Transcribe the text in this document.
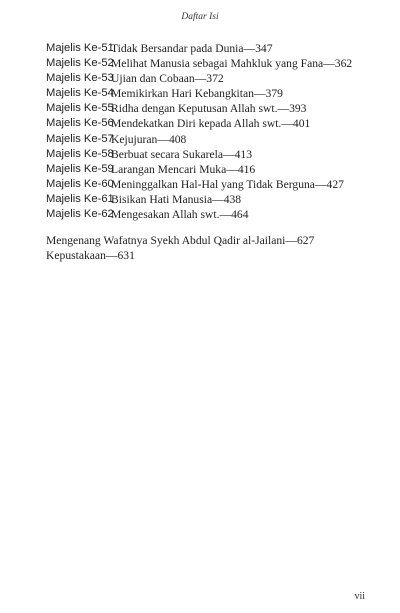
Daftar Isi
Majelis Ke-51
Tidak Bersandar pada Dunia—347
Majelis Ke-52
Melihat Manusia sebagai Mahkluk yang Fana—362
Majelis Ke-53
Ujian dan Cobaan—372
Majelis Ke-54
Memikirkan Hari Kebangkitan—379
Majelis Ke-55
Ridha dengan Keputusan Allah swt.—393
Majelis Ke-56
Mendekatkan Diri kepada Allah swt.—401
Majelis Ke-57
Kejujuran—408
Majelis Ke-58
Berbuat secara Sukarela—413
Majelis Ke-59
Larangan Mencari Muka—416
Majelis Ke-60
Meninggalkan Hal-Hal yang Tidak Berguna—427
Majelis Ke-61
Bisikan Hati Manusia—438
Majelis Ke-62
Mengesakan Allah swt.—464
Mengenang Wafatnya Syekh Abdul Qadir al-Jailani—627
Kepustakaan—631
vii
